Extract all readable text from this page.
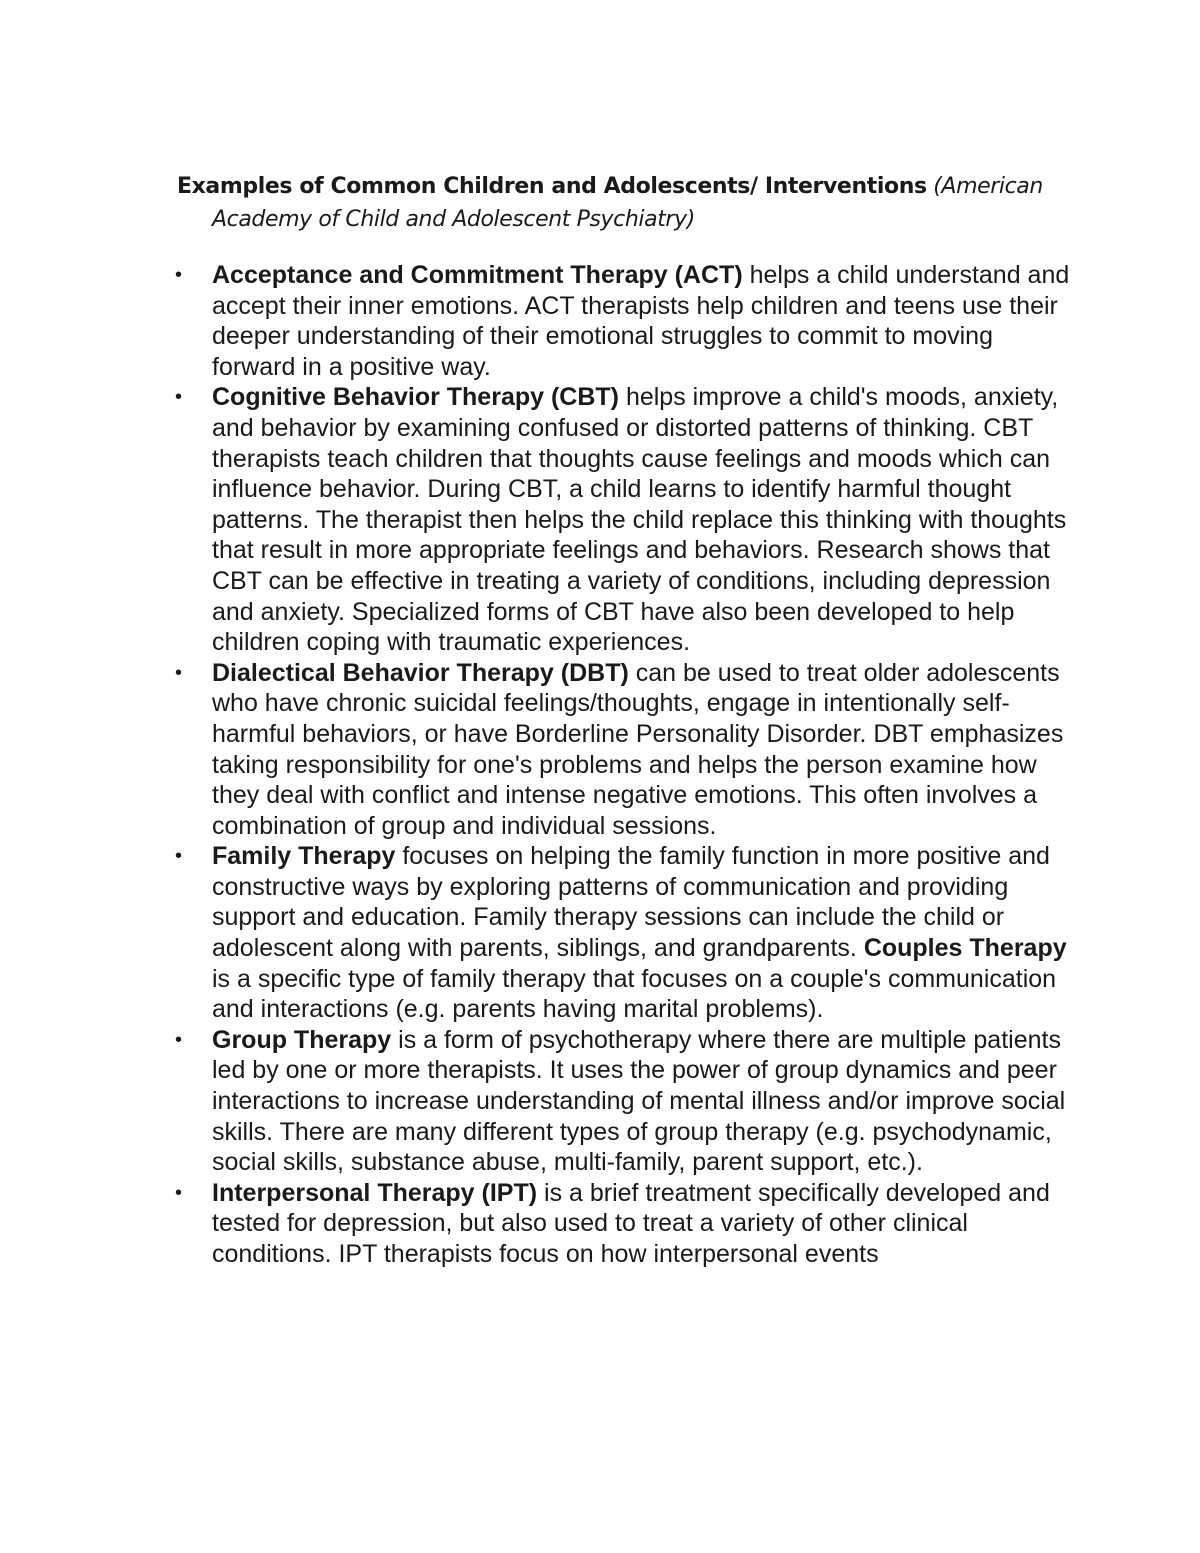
Examples of Common Children and Adolescents/ Interventions (American Academy of Child and Adolescent Psychiatry)
• Acceptance and Commitment Therapy (ACT) helps a child understand and accept their inner emotions. ACT therapists help children and teens use their deeper understanding of their emotional struggles to commit to moving forward in a positive way.
• Cognitive Behavior Therapy (CBT) helps improve a child's moods, anxiety, and behavior by examining confused or distorted patterns of thinking. CBT therapists teach children that thoughts cause feelings and moods which can influence behavior. During CBT, a child learns to identify harmful thought patterns. The therapist then helps the child replace this thinking with thoughts that result in more appropriate feelings and behaviors. Research shows that CBT can be effective in treating a variety of conditions, including depression and anxiety. Specialized forms of CBT have also been developed to help children coping with traumatic experiences.
• Dialectical Behavior Therapy (DBT) can be used to treat older adolescents who have chronic suicidal feelings/thoughts, engage in intentionally self-harmful behaviors, or have Borderline Personality Disorder. DBT emphasizes taking responsibility for one's problems and helps the person examine how they deal with conflict and intense negative emotions. This often involves a combination of group and individual sessions.
• Family Therapy focuses on helping the family function in more positive and constructive ways by exploring patterns of communication and providing support and education. Family therapy sessions can include the child or adolescent along with parents, siblings, and grandparents. Couples Therapy is a specific type of family therapy that focuses on a couple's communication and interactions (e.g. parents having marital problems).
• Group Therapy is a form of psychotherapy where there are multiple patients led by one or more therapists. It uses the power of group dynamics and peer interactions to increase understanding of mental illness and/or improve social skills. There are many different types of group therapy (e.g. psychodynamic, social skills, substance abuse, multi-family, parent support, etc.).
• Interpersonal Therapy (IPT) is a brief treatment specifically developed and tested for depression, but also used to treat a variety of other clinical conditions. IPT therapists focus on how interpersonal events
